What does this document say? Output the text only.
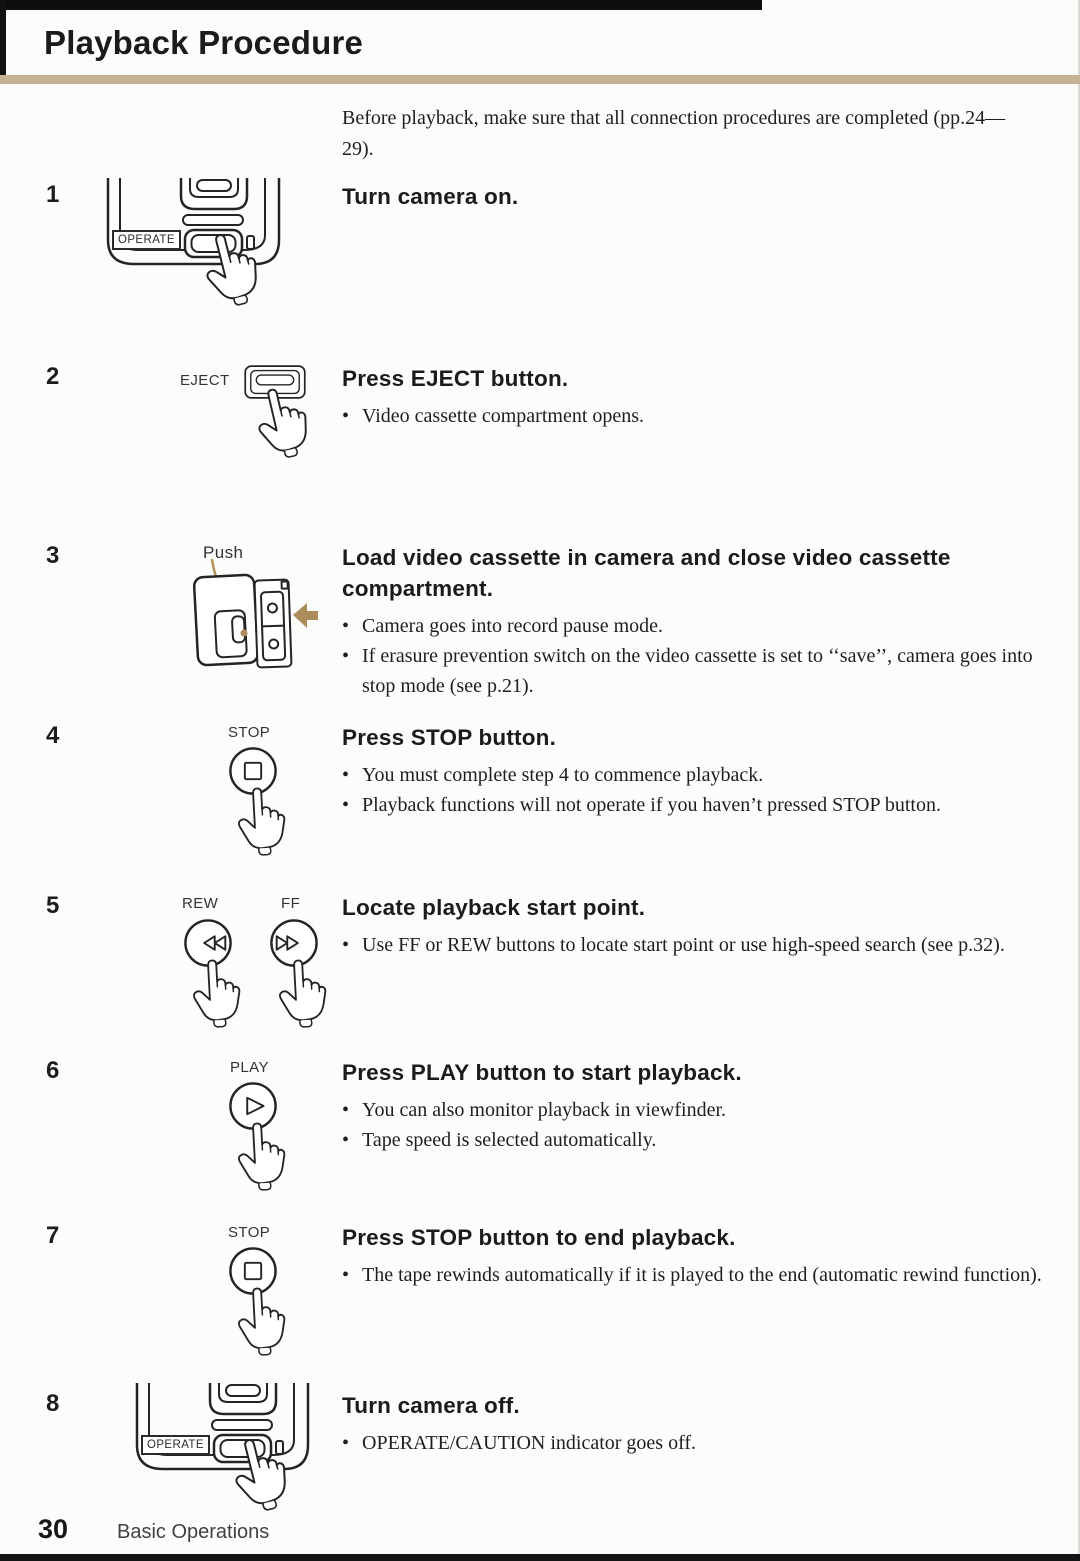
Playback Procedure

Before playback, make sure that all connection procedures are completed (pp.24—29).

1
OPERATE
Turn camera on.
2	EJECT	Press EJECT button.
• Video cassette compartment opens.
3	Push	Load video cassette in camera and close video cassette compartment.
• Camera goes into record pause mode.
• If erasure prevention switch on the video cassette is set to ‘‘save’’, camera goes into stop mode (see p.21).
4	STOP	Press STOP button.
• You must complete step 4 to commence playback.
• Playback functions will not operate if you haven’t pressed STOP button.
5	REW	FF Locate playback start point.
• Use FF or REW buttons to locate start point or use high-speed search (see p.32).
6	PLAY	Press PLAY button to start playback.
• You can also monitor playback in viewfinder.
• Tape speed is selected automatically.
7	STOP	Press STOP button to end playback.
• The tape rewinds automatically if it is played to the end (automatic rewind function).
8
OPERATE
Turn camera off.
• OPERATE/CAUTION indicator goes off.
30 Basic Operations
